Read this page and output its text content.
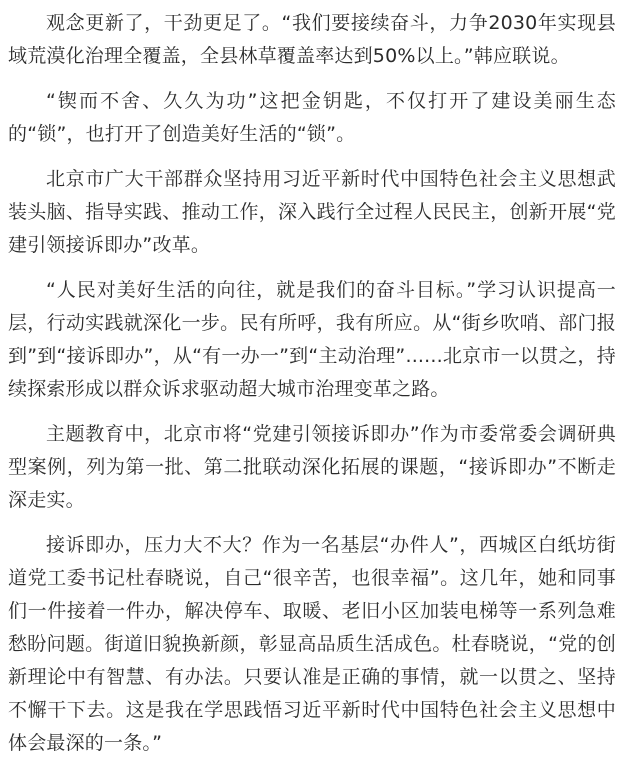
观念更新了，干劲更足了。“我们要接续奋斗，力争2030年实现县域荒漠化治理全覆盖，全县林草覆盖率达到50%以上。”韩应联说。

“锲而不舍、久久为功”这把金钥匙，不仅打开了建设美丽生态的“锁”，也打开了创造美好生活的“锁”。

北京市广大干部群众坚持用习近平新时代中国特色社会主义思想武装头脑、指导实践、推动工作，深入践行全过程人民民主，创新开展“党建引领接诉即办”改革。

“人民对美好生活的向往，就是我们的奋斗目标。”学习认识提高一层，行动实践就深化一步。民有所呼，我有所应。从“街乡吹哨、部门报到”到“接诉即办”，从“有一办一”到“主动治理”......北京市一以贯之，持续探索形成以群众诉求驱动超大城市治理变革之路。

主题教育中，北京市将“党建引领接诉即办”作为市委常委会调研典型案例，列为第一批、第二批联动深化拓展的课题，“接诉即办”不断走深走实。

接诉即办，压力大不大？作为一名基层“办件人”，西城区白纸坊街道党工委书记杜春晓说，自己“很辛苦，也很幸福”。这几年，她和同事们一件接着一件办，解决停车、取暖、老旧小区加装电梯等一系列急难愁盼问题。街道旧貌换新颜，彰显高品质生活成色。杜春晓说，“党的创新理论中有智慧、有办法。只要认准是正确的事情，就一以贯之、坚持不懈干下去。这是我在学思践悟习近平新时代中国特色社会主义思想中体会最深的一条。”
